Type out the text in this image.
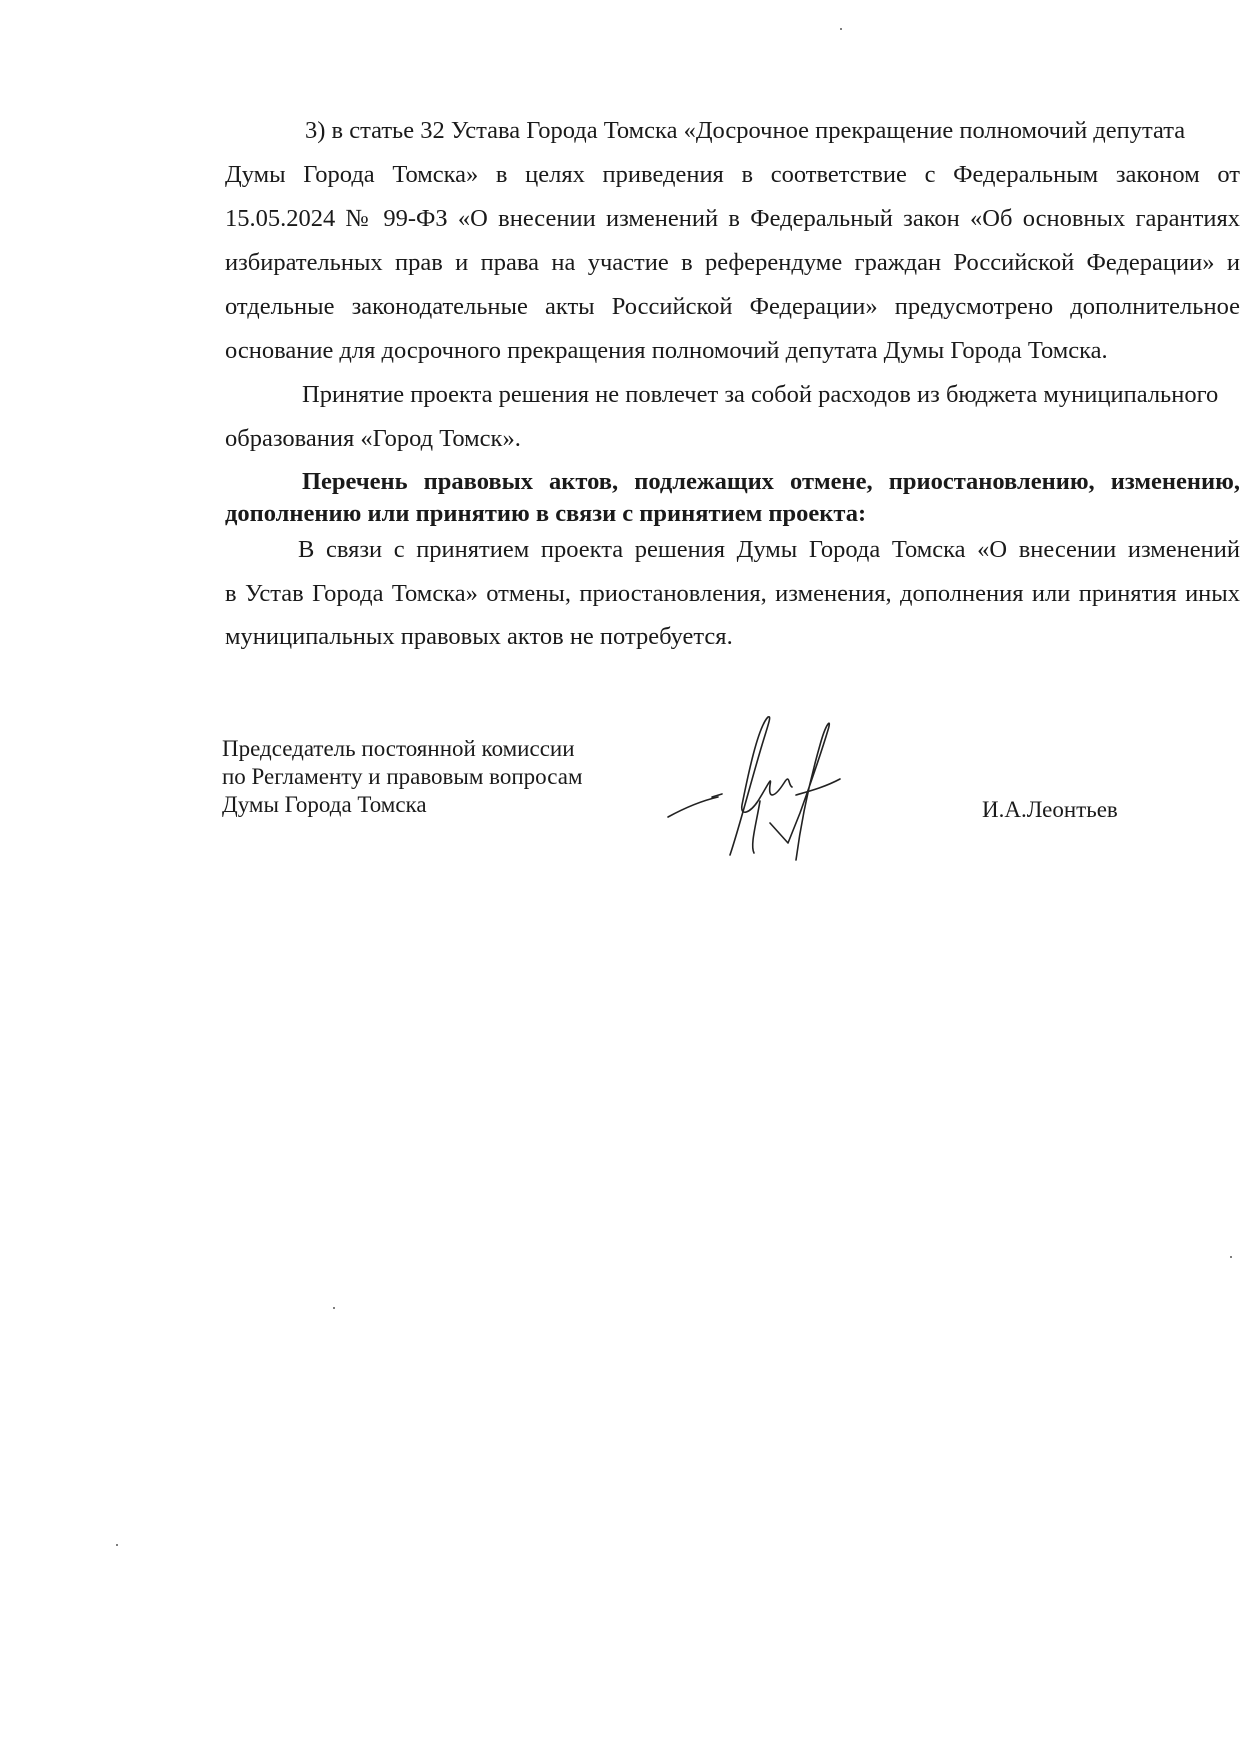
3) в статье 32 Устава Города Томска «Досрочное прекращение полномочий депутата
Думы Города Томска» в целях приведения в соответствие с Федеральным законом от
15.05.2024 № 99-ФЗ «О внесении изменений в Федеральный закон «Об основных гарантиях
избирательных прав и права на участие в референдуме граждан Российской Федерации» и
отдельные законодательные акты Российской Федерации» предусмотрено дополнительное
основание для досрочного прекращения полномочий депутата Думы Города Томска.
Принятие проекта решения не повлечет за собой расходов из бюджета муниципального
образования «Город Томск».
Перечень правовых актов, подлежащих отмене, приостановлению, изменению,
дополнению или принятию в связи с принятием проекта:
В связи с принятием проекта решения Думы Города Томска «О внесении изменений
в Устав Города Томска» отмены, приостановления, изменения, дополнения или принятия иных
муниципальных правовых актов не потребуется.
Председатель постоянной комиссии
по Регламенту и правовым вопросам
Думы Города Томска	И.А.Леонтьев
